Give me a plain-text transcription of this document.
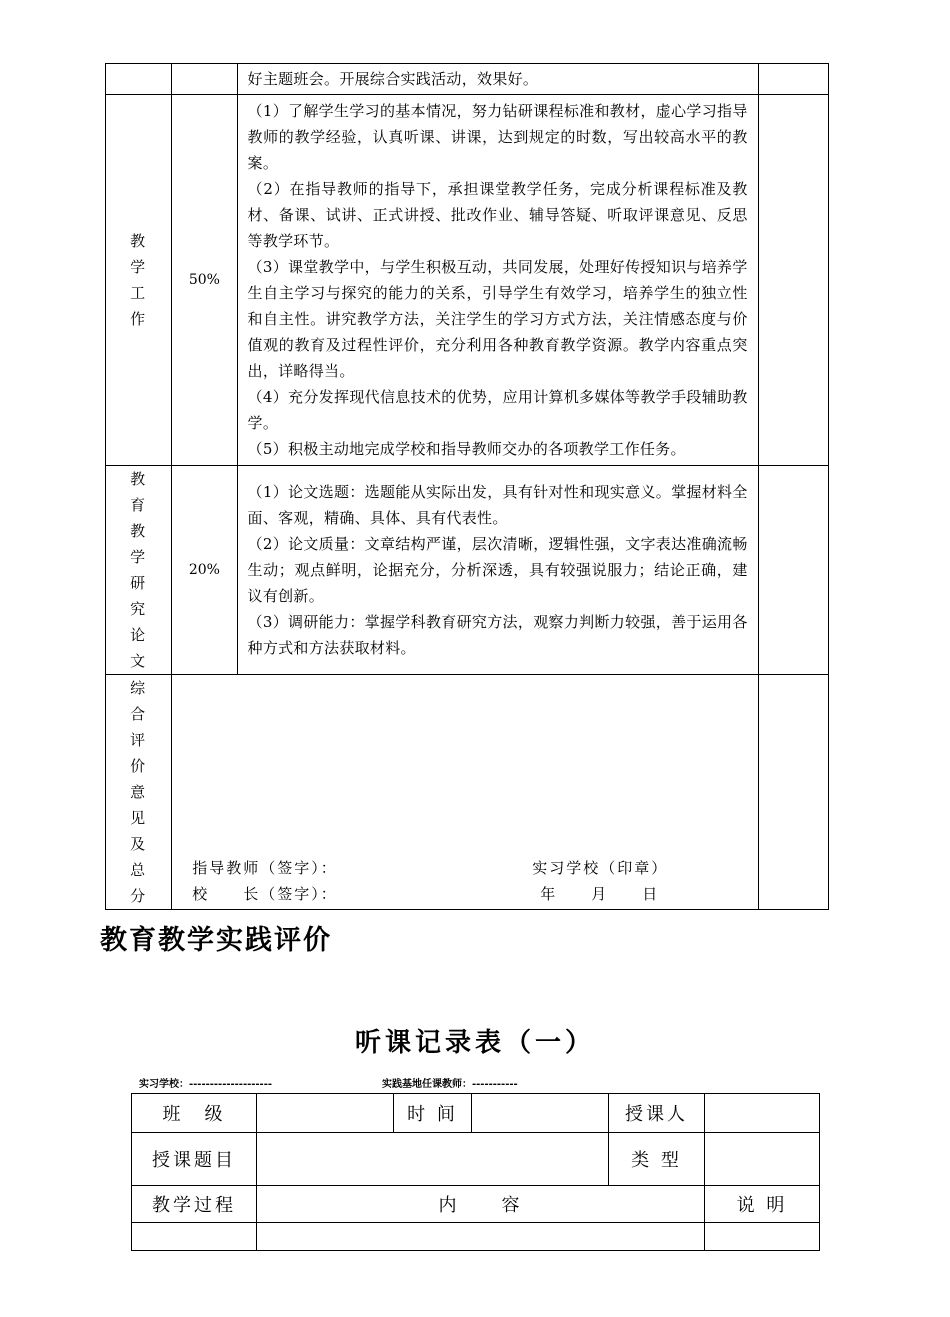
		好主题班会。开展综合实践活动，效果好。	

教学工作	50%	（1）了解学生学习的基本情况，努力钻研课程标准和教材，虚心学习指导教师的教学经验，认真听课、讲课，达到规定的时数，写出较高水平的教案。
（2）在指导教师的指导下，承担课堂教学任务，完成分析课程标准及教材、备课、试讲、正式讲授、批改作业、辅导答疑、听取评课意见、反思等教学环节。
（3）课堂教学中，与学生积极互动，共同发展，处理好传授知识与培养学生自主学习与探究的能力的关系，引导学生有效学习，培养学生的独立性和自主性。讲究教学方法，关注学生的学习方式方法，关注情感态度与价值观的教育及过程性评价，充分利用各种教育教学资源。教学内容重点突出，详略得当。
（4）充分发挥现代信息技术的优势，应用计算机多媒体等教学手段辅助教学。
（5）积极主动地完成学校和指导教师交办的各项教学工作任务。	

教育教学研究论文	20%	（1）论文选题：选题能从实际出发，具有针对性和现实意义。掌握材料全面、客观，精确、具体、具有代表性。
（2）论文质量：文章结构严谨，层次清晰，逻辑性强，文字表达准确流畅生动；观点鲜明，论据充分，分析深透，具有较强说服力；结论正确，建议有创新。
（3）调研能力：掌握学科教育研究方法，观察力判断力较强，善于运用各种方式和方法获取材料。	

综合评价意见及总分	指导教师（签字）： 实习学校（印章）
校　　长（签字）： 年　　月　　日		

教育教学实践评价
听课记录表（一）
实习学校：--------------------	实践基地任课教师：-----------
班　级		时 间		授课人	
授课题目				类 型	
教学过程	内　　容				说 明
